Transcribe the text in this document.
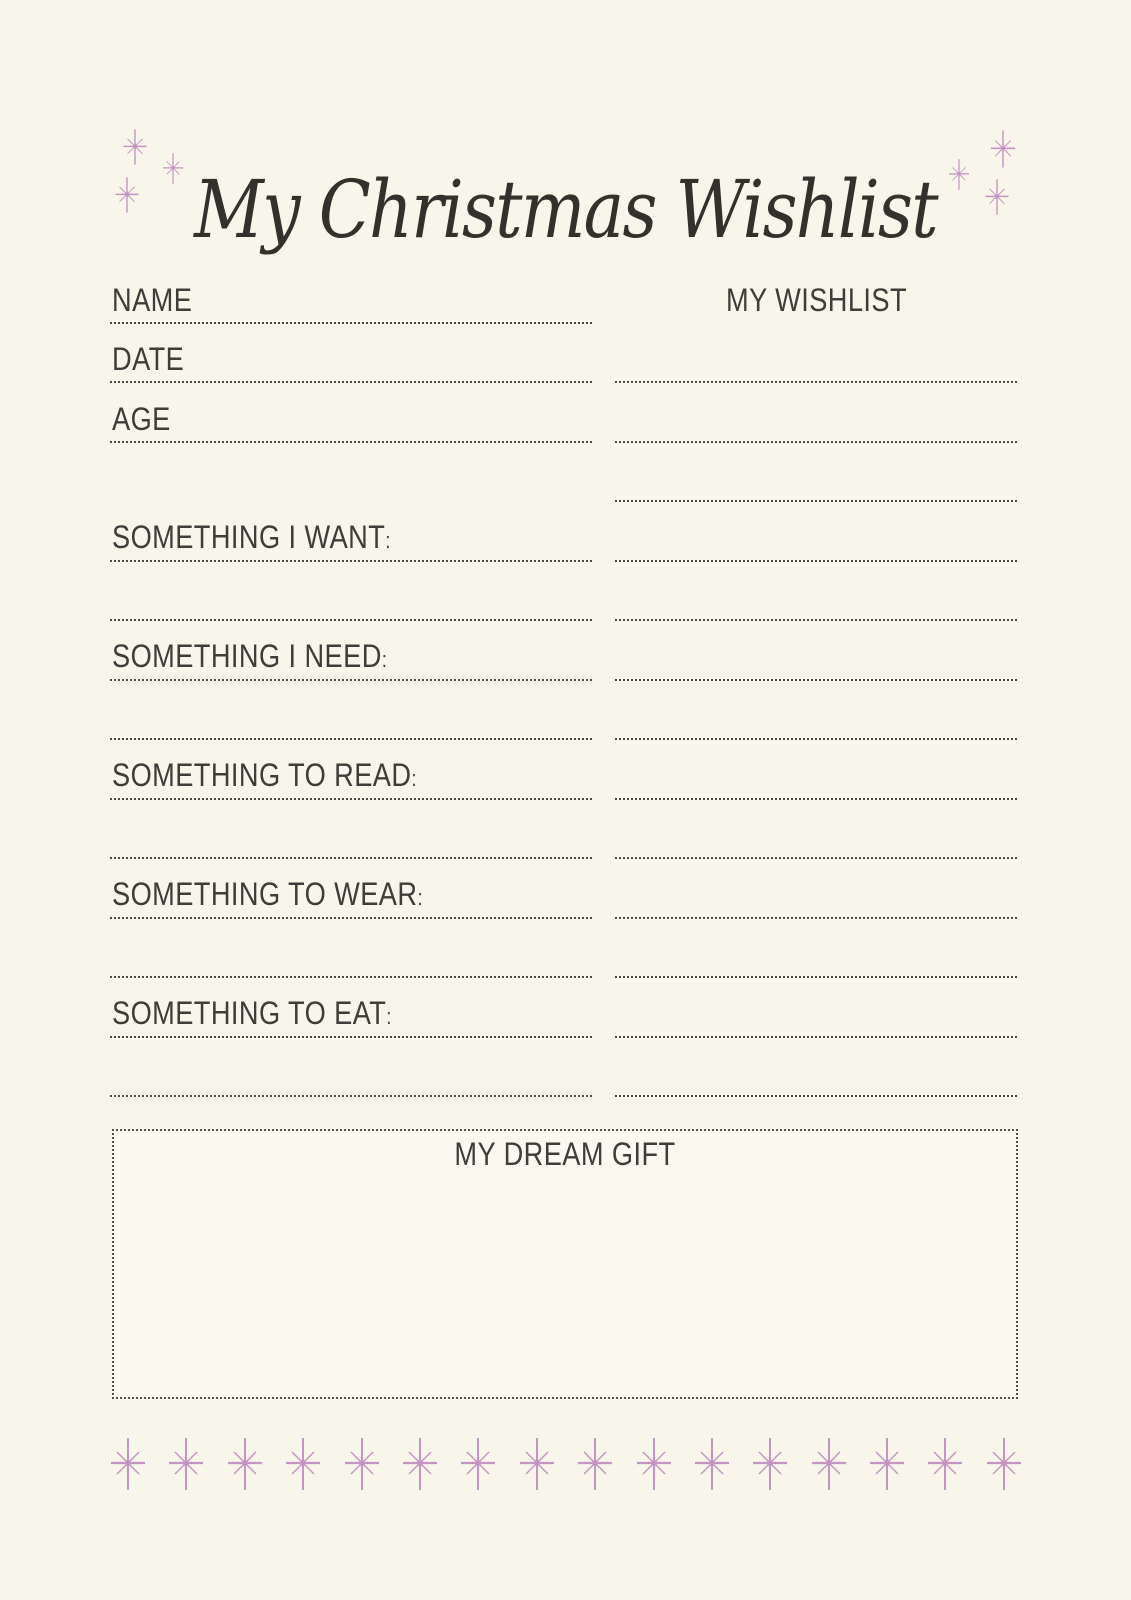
My Christmas Wishlist
NAME
DATE
AGE
SOMETHING I WANT:
SOMETHING I NEED:
SOMETHING TO READ:
SOMETHING TO WEAR:
SOMETHING TO EAT:
MY WISHLIST
MY DREAM GIFT
